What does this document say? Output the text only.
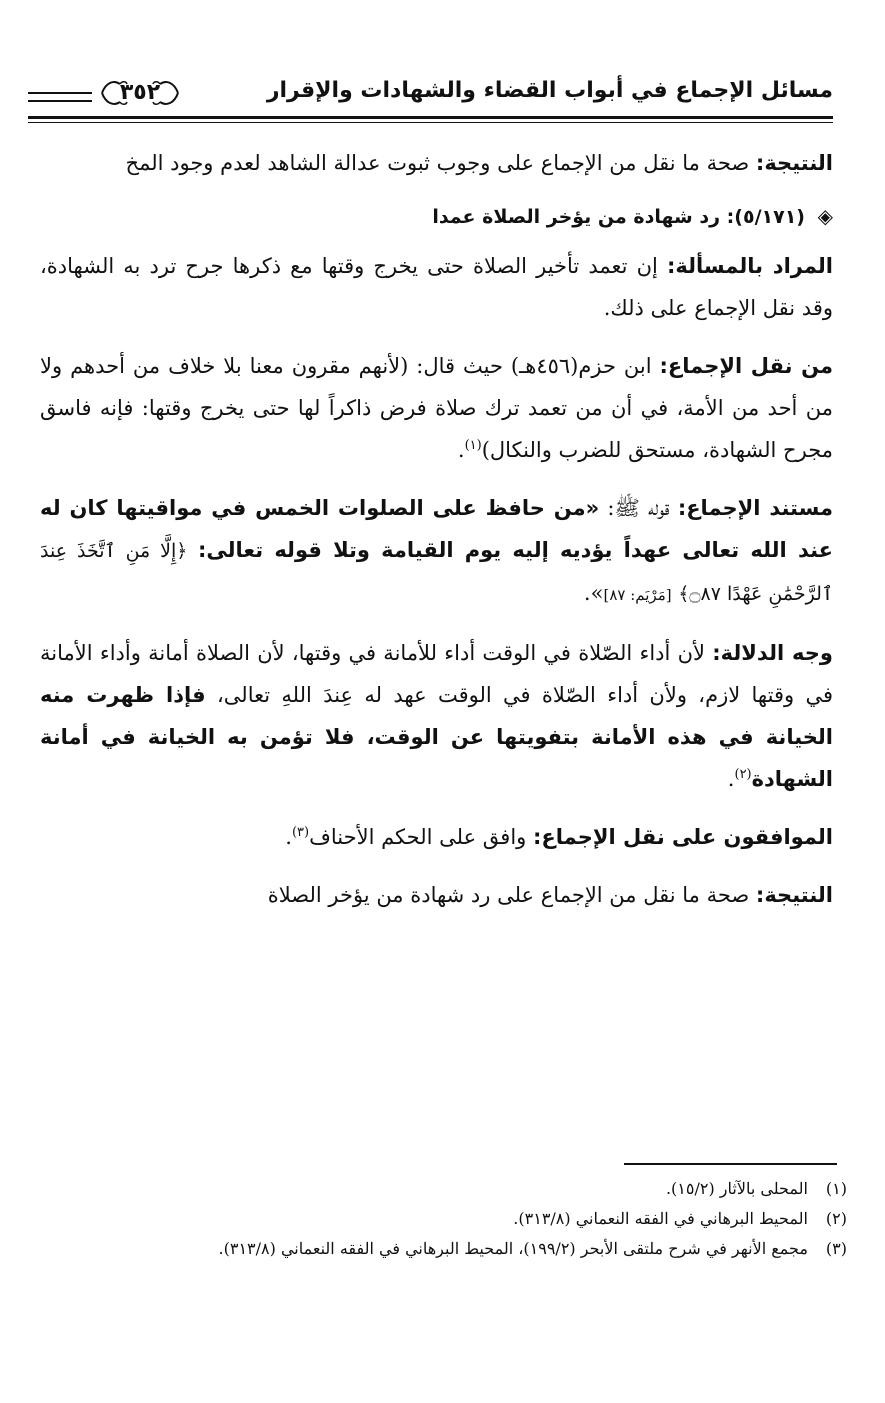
مسائل الإجماع في أبواب القضاء والشهادات والإقرار
٣٥٢

النتيجة: صحة ما نقل من الإجماع على وجوب ثبوت عدالة الشاهد لعدم وجود المخ

◈ (٥/١٧١): رد شهادة من يؤخر الصلاة عمدا

المراد بالمسألة: إن تعمد تأخير الصلاة حتى يخرج وقتها مع ذكرها جرح ترد به الشهادة، وقد نقل الإجماع على ذلك.

من نقل الإجماع: ابن حزم(٤٥٦هـ) حيث قال: (لأنهم مقرون معنا بلا خلاف من أحدهم ولا من أحد من الأمة، في أن من تعمد ترك صلاة فرض ذاكراً لها حتى يخرج وقتها: فإنه فاسق مجرح الشهادة، مستحق للضرب والنكال)$^{(١)}$.

مستند الإجماع: قوله ﷺ: «من حافظ على الصلوات الخمس في مواقيتها كان له عند الله تعالى عهداً يؤديه إليه يوم القيامة وتلا قوله تعالى: ﴿إِلَّا مَنِ ٱتَّخَذَ عِندَ ٱلرَّحْمَٰنِ عَهْدًا ۝٨٧﴾ [مَرْيَم: ٨٧]».

وجه الدلالة: لأن أداء الصّلاة في الوقت أداء للأمانة في وقتها، لأن الصلاة أمانة وأداء الأمانة في وقتها لازم، ولأن أداء الصّلاة في الوقت عهد له عِندَ اللهِ تعالى، فإذا ظهرت منه الخيانة في هذه الأمانة بتفويتها عن الوقت، فلا تؤمن به الخيانة في أمانة الشهادة$^{(٢)}$.

الموافقون على نقل الإجماع: وافق على الحكم الأحناف$^{(٣)}$.

النتيجة: صحة ما نقل من الإجماع على رد شهادة من يؤخر الصلاة

(١) المحلى بالآثار (١٥/٢).

(٢) المحيط البرهاني في الفقه النعماني (٣١٣/٨).

(٣) مجمع الأنهر في شرح ملتقى الأبحر (١٩٩/٢)، المحيط البرهاني في الفقه النعماني (٣١٣/٨).
